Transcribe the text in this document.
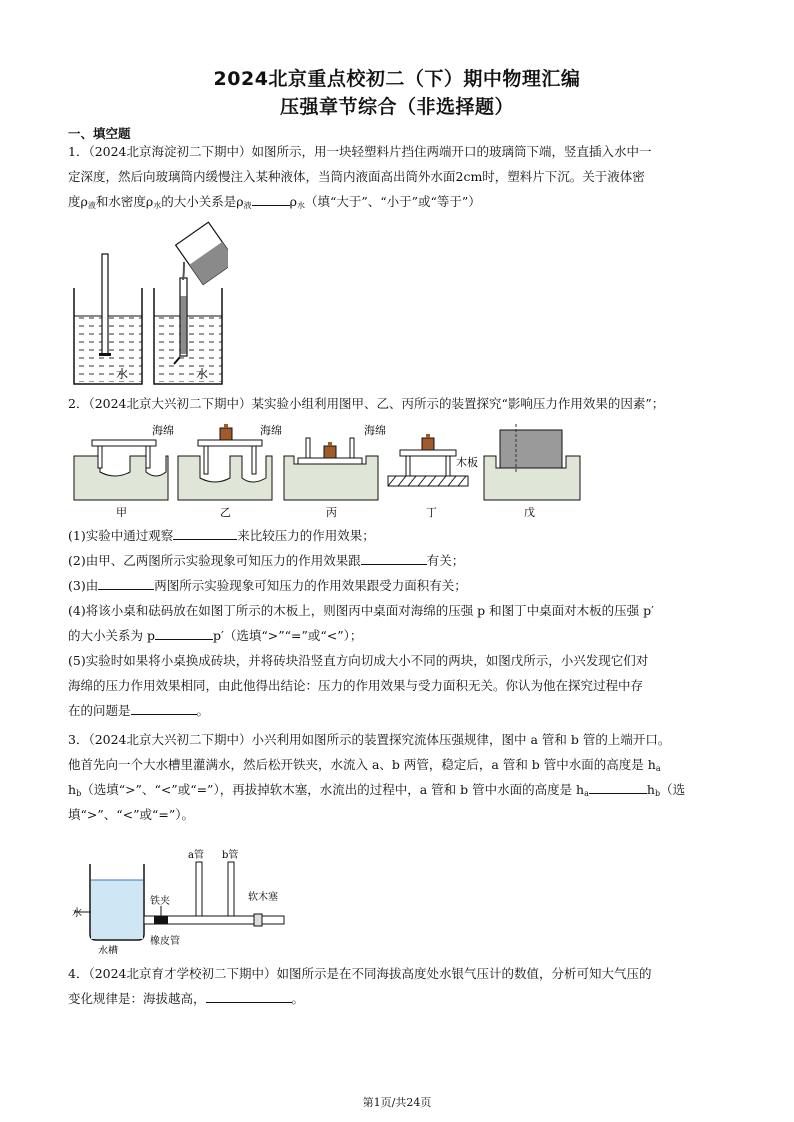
2024北京重点校初二（下）期中物理汇编
压强章节综合（非选择题）
一、填空题
1．（2024北京海淀初二下期中）如图所示，用一块轻塑料片挡住两端开口的玻璃筒下端，竖直插入水中一
定深度，然后向玻璃筒内缓慢注入某种液体，当筒内液面高出筒外水面2cm时，塑料片下沉。关于液体密
度$\rho_液$和水密度$\rho_水$的大小关系是$\rho_液$	$\rho_水$（填“大于”、“小于”或“等于”）
水	水
2．（2024北京大兴初二下期中）某实验小组利用图甲、乙、丙所示的装置探究“影响压力作用效果的因素”；
海绵
甲
海绵
乙
海绵
丙
木板
丁	戊
(1)实验中通过观察	来比较压力的作用效果；
(2)由甲、乙两图所示实验现象可知压力的作用效果跟	有关；
(3)由	两图所示实验现象可知压力的作用效果跟受力面积有关；
(4)将该小桌和砝码放在如图丁所示的木板上，则图丙中桌面对海绵的压强 p 和图丁中桌面对木板的压强 p′
的大小关系为 p	p′（选填“>”“=”或“<”）；
(5)实验时如果将小桌换成砖块，并将砖块沿竖直方向切成大小不同的两块，如图戊所示，小兴发现它们对
海绵的压力作用效果相同，由此他得出结论：压力的作用效果与受力面积无关。你认为他在探究过程中存
在的问题是	。
3．（2024北京大兴初二下期中）小兴利用如图所示的装置探究流体压强规律，图中 a 管和 b 管的上端开口。
他首先向一个大水槽里灌满水，然后松开铁夹，水流入 a、b 两管，稳定后，a 管和 b 管中水面的高度是 $h_a$
$h_b$（选填“>”、“<”或“=”），再拔掉软木塞，水流出的过程中，a 管和 b 管中水面的高度是 $h_a$	$h_b$（选
填“>”、“<”或“=”）。
水
水槽
铁夹
橡皮管
a管 b管
软木塞
4．（2024北京育才学校初二下期中）如图所示是在不同海拔高度处水银气压计的数值，分析可知大气压的
变化规律是：海拔越高，	。
第1页/共24页
